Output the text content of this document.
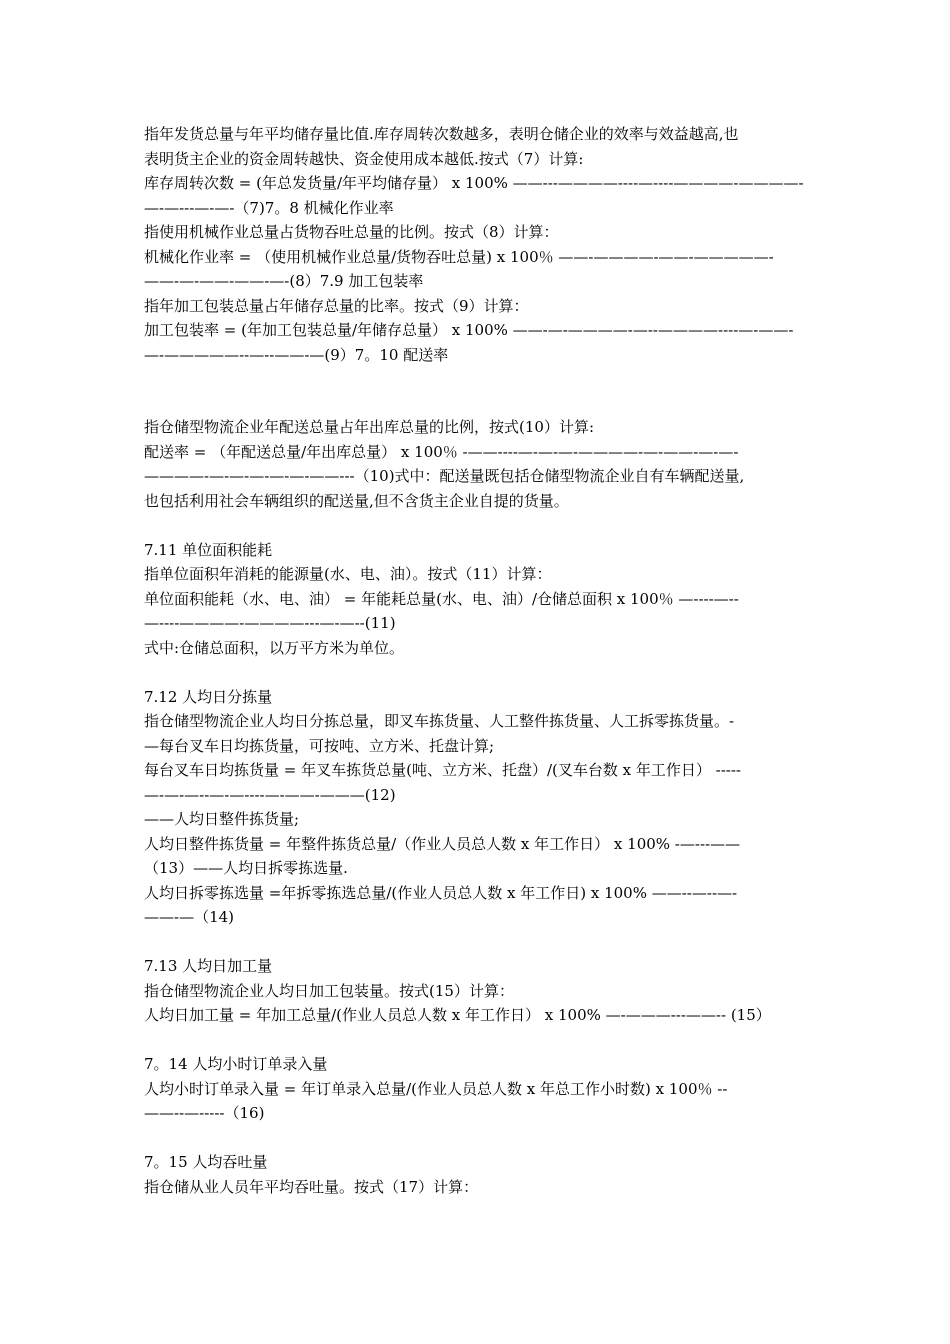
指年发货总量与年平均储存量比值.库存周转次数越多，表明仓储企业的效率与效益越高,也
表明货主企业的资金周转越快、资金使用成本越低.按式（7）计算:
库存周转次数 = (年总发货量/年平均储存量） x 100% ——---————----—----————-————-
—-—---—-—-（7)7。8 机械化作业率
指使用机械作业总量占货物吞吐总量的比例。按式（8）计算：
机械化作业率 = （使用机械作业总量/货物吞吐总量) x 100％ ——-————-——-—————-
——-—-——-——-—-(8）7.9 加工包装率
指年加工包装总量占年储存总量的比率。按式（9）计算：
加工包装率 = (年加工包装总量/年储存总量） x 100% ——-—-————-—--————----—-——-
—-—————--—--——-—(9）7。10 配送率
指仓储型物流企业年配送总量占年出库总量的比例，按式(10）计算:
配送率 = （年配送总量/年出库总量） x 100％ -——----—-—-—-————-—-——-—-—-
————-—-—-—-—-—-——---（10)式中：配送量既包括仓储型物流企业自有车辆配送量,
也包括利用社会车辆组织的配送量,但不含货主企业自提的货量。
7.11 单位面积能耗
指单位面积年消耗的能源量(水、电、油）。按式（11）计算：
单位面积能耗（水、电、油） = 年能耗总量(水、电、油）/仓储总面积 x 100％ —----—--
—----————-————---—-—--(11)
式中:仓储总面积，以万平方米为单位。
7.12 人均日分拣量
指仓储型物流企业人均日分拣总量，即叉车拣货量、人工整件拣货量、人工拆零拣货量。-
—每台叉车日均拣货量，可按吨、立方米、托盘计算;
每台叉车日均拣货量 = 年叉车拣货总量(吨、立方米、托盘）/(叉车台数 x 年工作日） -----
—-—-—--—-—----—-——-———(12)
——人均日整件拣货量;
人均日整件拣货量 = 年整件拣货总量/（作业人员总人数 x 年工作日） x 100% -—---——
（13）——人均日拆零拣选量.
人均日拆零拣选量 =年拆零拣选总量/(作业人员总人数 x 年工作日) x 100% ——--—--—-
——-—（14)
7.13 人均日加工量
指仓储型物流企业人均日加工包装量。按式(15）计算：
人均日加工量 = 年加工总量/(作业人员总人数 x 年工作日） x 100% —-———---——-- (15）
7。14 人均小时订单录入量
人均小时订单录入量 = 年订单录入总量/(作业人员总人数 x 年总工作小时数) x 100％ --
——--—-----（16)
7。15 人均吞吐量
指仓储从业人员年平均吞吐量。按式（17）计算：
